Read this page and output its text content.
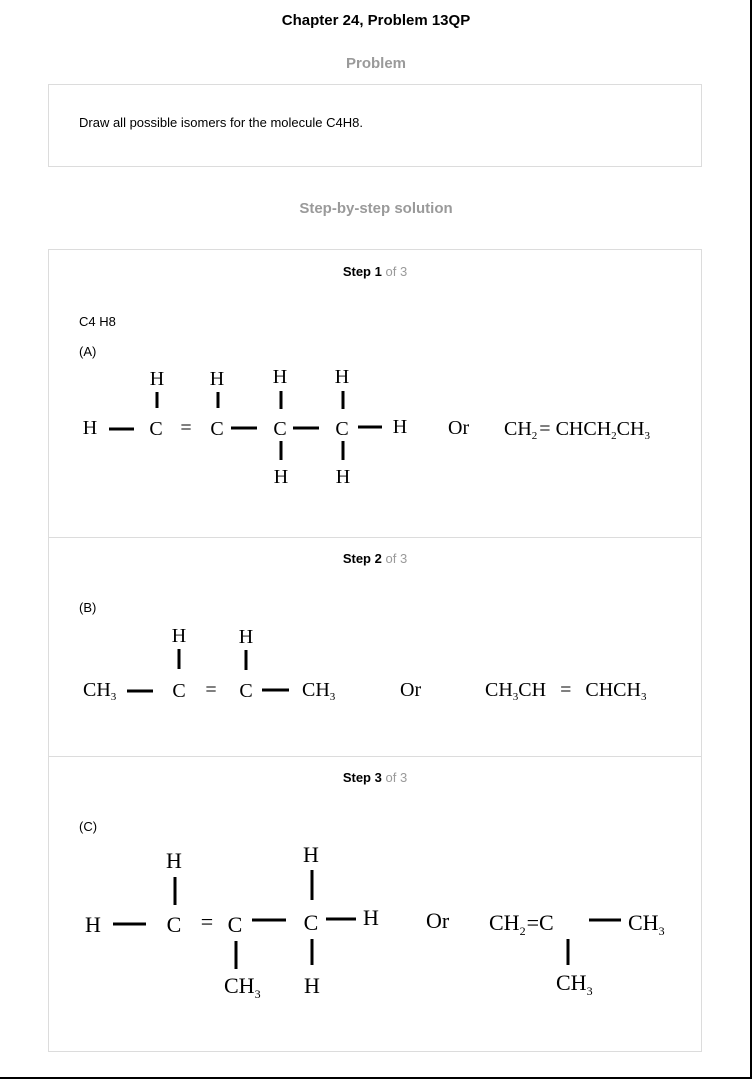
Chapter 24, Problem 13QP
Problem
Draw all possible isomers for the molecule C4H8.
Step-by-step solution
Step 1 of 3
C4 H8
(A)
H H H H
H	C = C C C H
H H
Or $CH_2$ = $CHCH_2CH_3$
Step 2 of 3
(B)
H	H
$CH_3$	C = C $CH_3$	Or	$CH_3CH$ = $CHCH_3$
Step 3 of 3
(C)
H	H
H	C = C	C H
$CH_3$ H
Or $CH_2=C$	$CH_3$
$CH_3$
